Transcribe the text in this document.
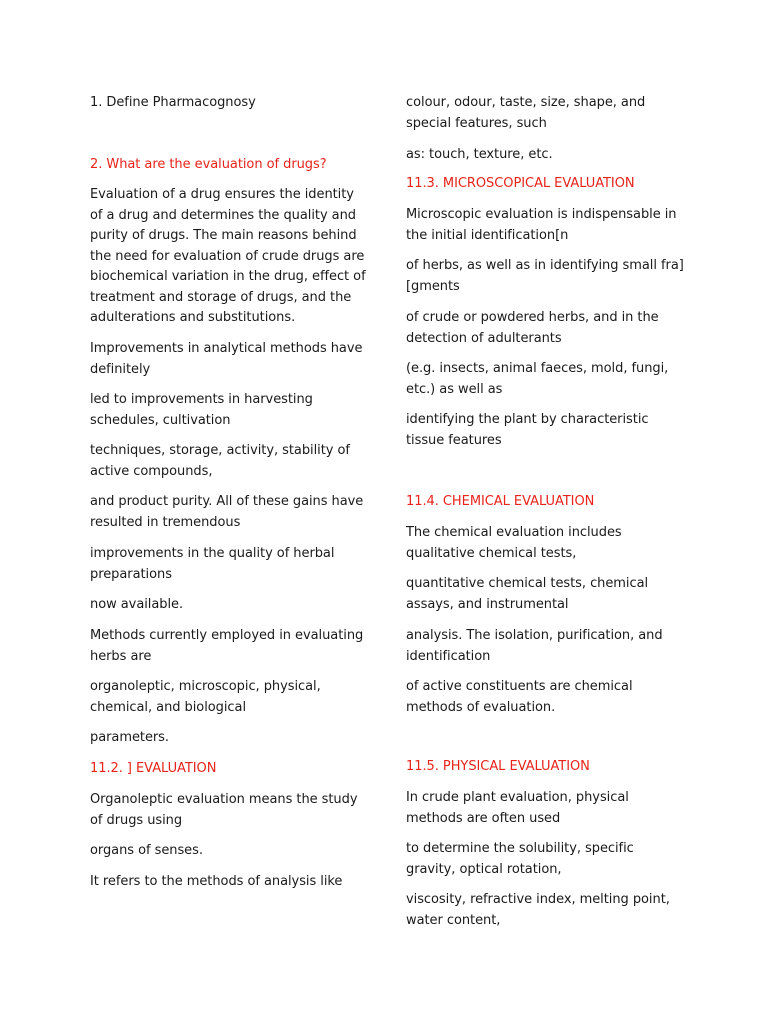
1. Define Pharmacognosy

2. What are the evaluation of drugs?

Evaluation of a drug ensures the identity of a drug and determines the quality and purity of drugs. The main reasons behind the need for evaluation of crude drugs are biochemical variation in the drug, effect of treatment and storage of drugs, and the adulterations and substitutions.

Improvements in analytical methods have definitely

led to improvements in harvesting schedules, cultivation

techniques, storage, activity, stability of active compounds,

and product purity. All of these gains have resulted in tremendous

improvements in the quality of herbal preparations

now available.

Methods currently employed in evaluating herbs are

organoleptic, microscopic, physical, chemical, and biological

parameters.

11.2. ] EVALUATION

Organoleptic evaluation means the study of drugs using

organs of senses.

It refers to the methods of analysis like

colour, odour, taste, size, shape, and special features, such

as: touch, texture, etc.

11.3. MICROSCOPICAL EVALUATION

Microscopic evaluation is indispensable in the initial identification[n

of herbs, as well as in identifying small fra] [gments

of crude or powdered herbs, and in the detection of adulterants

(e.g. insects, animal faeces, mold, fungi, etc.) as well as

identifying the plant by characteristic tissue features

11.4. CHEMICAL EVALUATION

The chemical evaluation includes qualitative chemical tests,

quantitative chemical tests, chemical assays, and instrumental

analysis. The isolation, purification, and identification

of active constituents are chemical methods of evaluation.

11.5. PHYSICAL EVALUATION

In crude plant evaluation, physical methods are often used

to determine the solubility, specific gravity, optical rotation,

viscosity, refractive index, melting point, water content,
